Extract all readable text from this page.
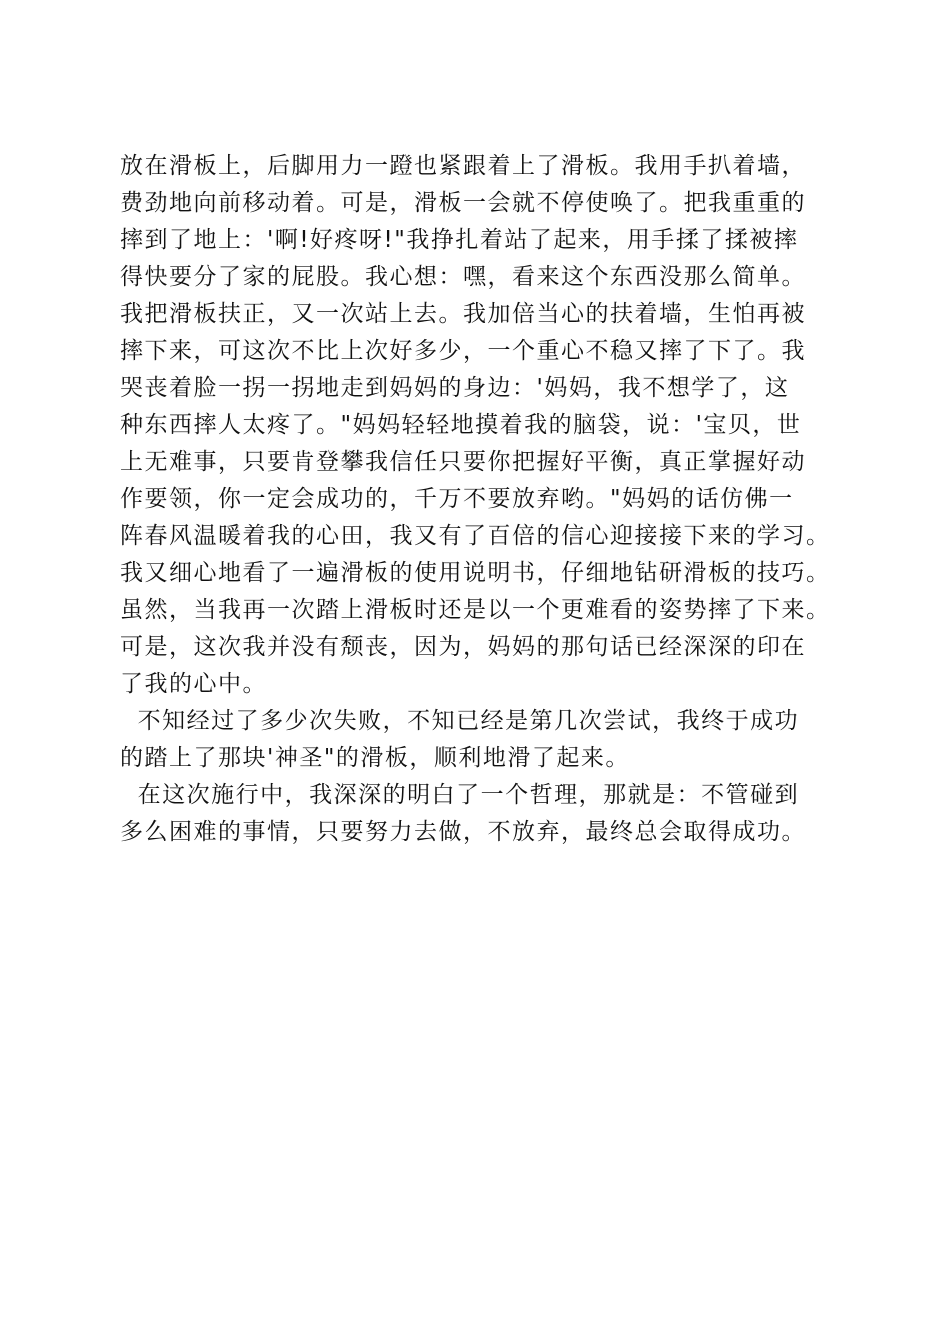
放在滑板上，后脚用力一蹬也紧跟着上了滑板。我用手扒着墙，
费劲地向前移动着。可是，滑板一会就不停使唤了。把我重重的
摔到了地上：'啊!好疼呀!"我挣扎着站了起来，用手揉了揉被摔
得快要分了家的屁股。我心想：嘿，看来这个东西没那么简单。
我把滑板扶正，又一次站上去。我加倍当心的扶着墙，生怕再被
摔下来，可这次不比上次好多少，一个重心不稳又摔了下了。我
哭丧着脸一拐一拐地走到妈妈的身边：'妈妈，我不想学了，这
种东西摔人太疼了。"妈妈轻轻地摸着我的脑袋，说：'宝贝，世
上无难事，只要肯登攀我信任只要你把握好平衡，真正掌握好动
作要领，你一定会成功的，千万不要放弃哟。"妈妈的话仿佛一
阵春风温暖着我的心田，我又有了百倍的信心迎接接下来的学习。
我又细心地看了一遍滑板的使用说明书，仔细地钻研滑板的技巧。
虽然，当我再一次踏上滑板时还是以一个更难看的姿势摔了下来。
可是，这次我并没有颓丧，因为，妈妈的那句话已经深深的印在
了我的心中。
不知经过了多少次失败，不知已经是第几次尝试，我终于成功
的踏上了那块'神圣"的滑板，顺利地滑了起来。
在这次施行中，我深深的明白了一个哲理，那就是：不管碰到
多么困难的事情，只要努力去做，不放弃，最终总会取得成功。
